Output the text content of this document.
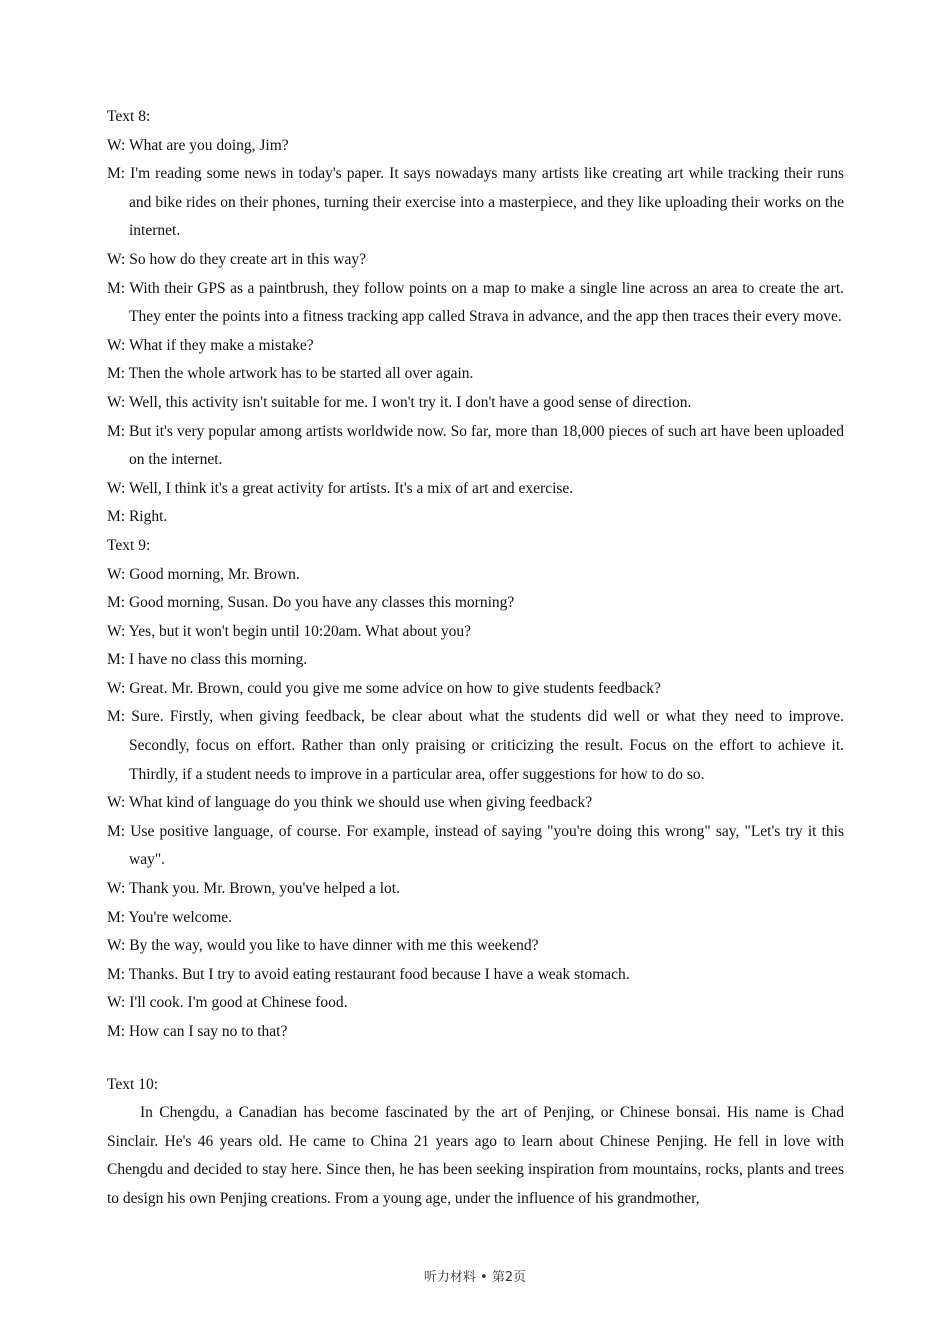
Text 8:

W: What are you doing, Jim?

M: I'm reading some news in today's paper. It says nowadays many artists like creating art while tracking their runs and bike rides on their phones, turning their exercise into a masterpiece, and they like uploading their works on the internet.

W: So how do they create art in this way?

M: With their GPS as a paintbrush, they follow points on a map to make a single line across an area to create the art. They enter the points into a fitness tracking app called Strava in advance, and the app then traces their every move.

W: What if they make a mistake?

M: Then the whole artwork has to be started all over again.

W: Well, this activity isn't suitable for me. I won't try it. I don't have a good sense of direction.

M: But it's very popular among artists worldwide now. So far, more than 18,000 pieces of such art have been uploaded on the internet.

W: Well, I think it's a great activity for artists. It's a mix of art and exercise.

M: Right.

Text 9:

W: Good morning, Mr. Brown.

M: Good morning, Susan. Do you have any classes this morning?

W: Yes, but it won't begin until 10:20am. What about you?

M: I have no class this morning.

W: Great. Mr. Brown, could you give me some advice on how to give students feedback?

M: Sure. Firstly, when giving feedback, be clear about what the students did well or what they need to improve. Secondly, focus on effort. Rather than only praising or criticizing the result. Focus on the effort to achieve it. Thirdly, if a student needs to improve in a particular area, offer suggestions for how to do so.

W: What kind of language do you think we should use when giving feedback?

M: Use positive language, of course. For example, instead of saying "you're doing this wrong" say, "Let's try it this way".

W: Thank you. Mr. Brown, you've helped a lot.

M: You're welcome.

W: By the way, would you like to have dinner with me this weekend?

M: Thanks. But I try to avoid eating restaurant food because I have a weak stomach.

W: I'll cook. I'm good at Chinese food.

M: How can I say no to that?

Text 10:

In Chengdu, a Canadian has become fascinated by the art of Penjing, or Chinese bonsai. His name is Chad Sinclair. He's 46 years old. He came to China 21 years ago to learn about Chinese Penjing. He fell in love with Chengdu and decided to stay here. Since then, he has been seeking inspiration from mountains, rocks, plants and trees to design his own Penjing creations. From a young age, under the influence of his grandmother,

听力材料 • 第2页
